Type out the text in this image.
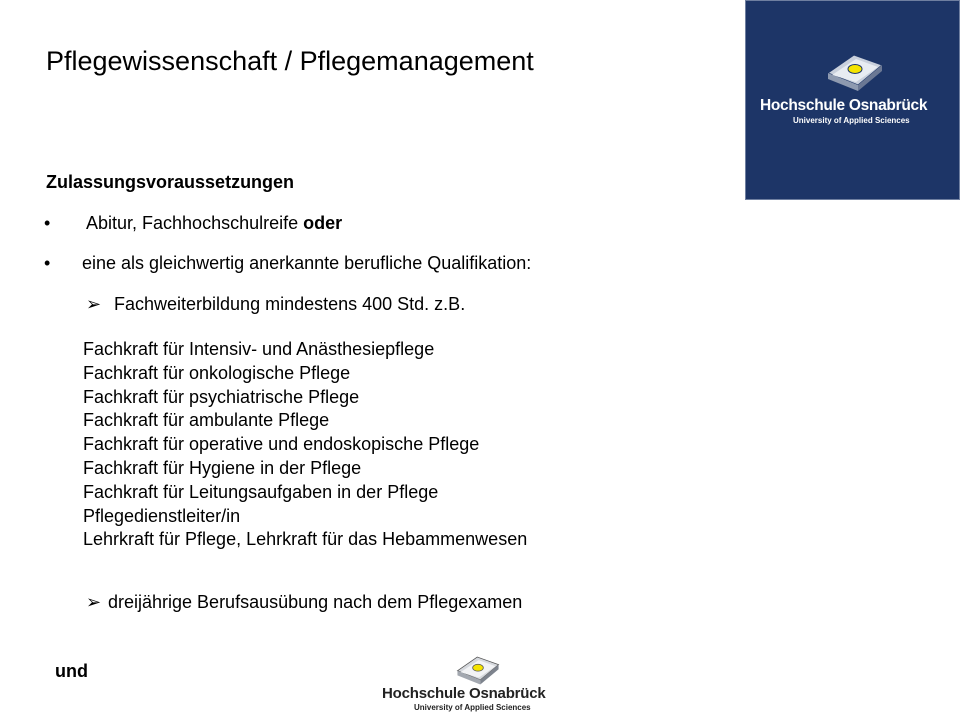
Pflegewissenschaft / Pflegemanagement
Hochschule Osnabrück
University of Applied Sciences
Zulassungsvoraussetzungen
• Abitur, Fachhochschulreife oder
• eine als gleichwertig anerkannte berufliche Qualifikation:
➢ Fachweiterbildung mindestens 400 Std. z.B.
Fachkraft für Intensiv- und Anästhesiepflege
Fachkraft für onkologische Pflege
Fachkraft für psychiatrische Pflege
Fachkraft für ambulante Pflege
Fachkraft für operative und endoskopische Pflege
Fachkraft für Hygiene in der Pflege
Fachkraft für Leitungsaufgaben in der Pflege
Pflegedienstleiter/in
Lehrkraft für Pflege, Lehrkraft für das Hebammenwesen
➢ dreijährige Berufsausübung nach dem Pflegexamen
und
Hochschule Osnabrück
University of Applied Sciences
